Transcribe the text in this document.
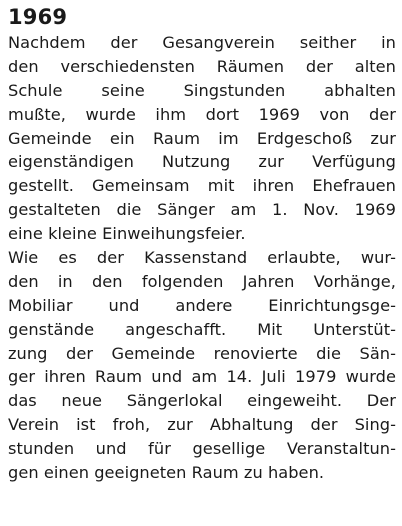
1969

Nachdem der Gesangverein seither in
den verschiedensten Räumen der alten
Schule seine Singstunden abhalten
mußte, wurde ihm dort 1969 von der
Gemeinde ein Raum im Erdgeschoß zur
eigenständigen Nutzung zur Verfügung
gestellt. Gemeinsam mit ihren Ehefrauen
gestalteten die Sänger am 1. Nov. 1969
eine kleine Einweihungsfeier.

Wie es der Kassenstand erlaubte, wur-
den in den folgenden Jahren Vorhänge,
Mobiliar und andere Einrichtungsge-
genstände angeschafft. Mit Unterstüt-
zung der Gemeinde renovierte die Sän-
ger ihren Raum und am 14. Juli 1979 wurde
das neue Sängerlokal eingeweiht. Der
Verein ist froh, zur Abhaltung der Sing-
stunden und für gesellige Veranstaltun-
gen einen geeigneten Raum zu haben.
